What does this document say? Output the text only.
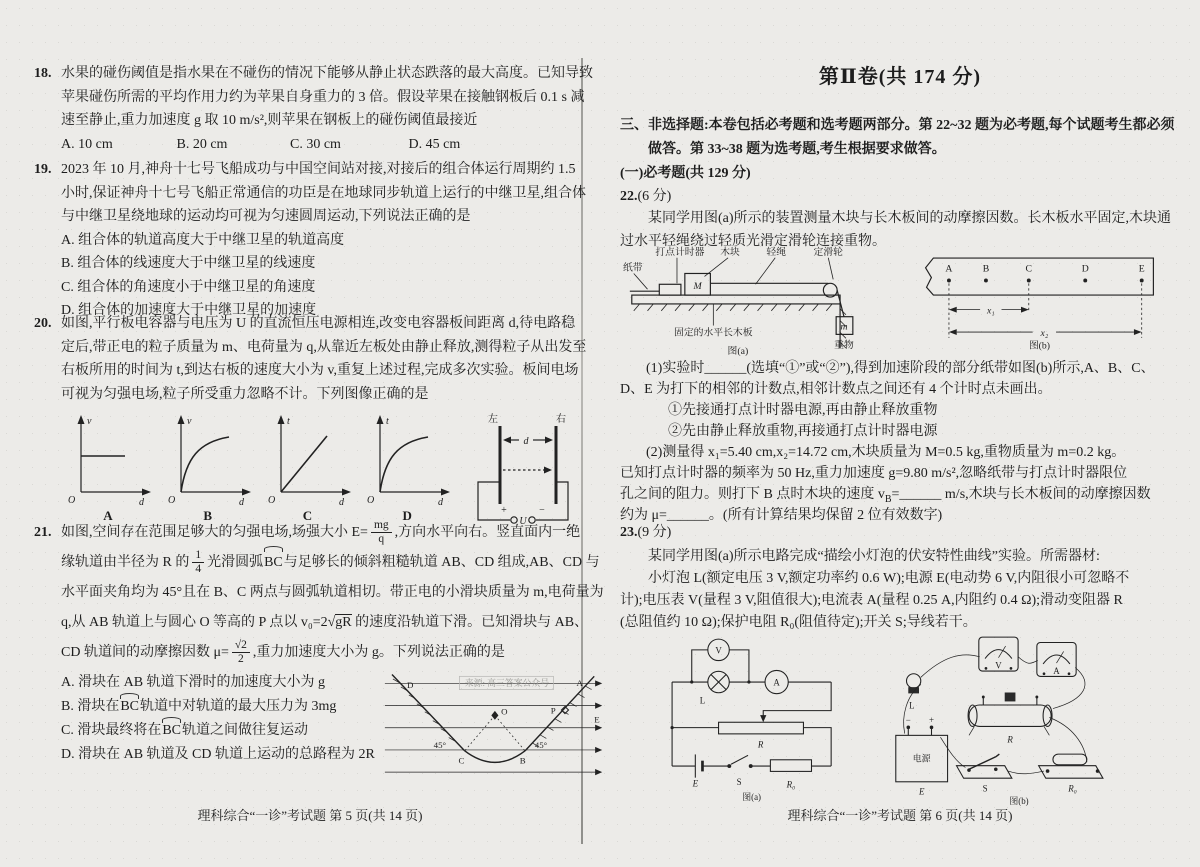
18. 水果的碰伤阈值是指水果在不碰伤的情况下能够从静止状态跌落的最大高度。已知导致
苹果碰伤所需的平均作用力约为苹果自身重力的 3 倍。假设苹果在接触钢板后 0.1 s 减
速至静止,重力加速度 g 取 10 m/s²,则苹果在钢板上的碰伤阈值最接近
A. 10 cm	B. 20 cm	C. 30 cm	D. 45 cm
19. 2023 年 10 月,神舟十七号飞船成功与中国空间站对接,对接后的组合体运行周期约 1.5
小时,保证神舟十七号飞船正常通信的功臣是在地球同步轨道上运行的中继卫星,组合体
与中继卫星绕地球的运动均可视为匀速圆周运动,下列说法正确的是
A. 组合体的轨道高度大于中继卫星的轨道高度
B. 组合体的线速度大于中继卫星的线速度
C. 组合体的角速度小于中继卫星的角速度
D. 组合体的加速度大于中继卫星的加速度
20. 如图,平行板电容器与电压为 U 的直流恒压电源相连,改变电容器板间距离 d,待电路稳
定后,带正电的粒子质量为 m、电荷量为 q,从靠近左板处由静止释放,测得粒子从出发至
右板所用的时间为 t,到达右板的速度大小为 v,重复上述过程,完成多次实验。板间电场
可视为匀强电场,粒子所受重力忽略不计。下列图像正确的是
v
O	d
A
v
O	d
B
t
O	d
C
t
O	d
D
左	右
d
+	−
U
21. 如图,空间存在范围足够大的匀强电场,场强大小 $E= \frac{mg}{q}$ ,方向水平向右。竖直面内一绝
缘轨道由半径为 R 的 $\frac{1}{4}$ 光滑圆弧BC与足够长的倾斜粗糙轨道 AB、CD 组成,AB、CD 与
水平面夹角均为 45°且在 B、C 两点与圆弧轨道相切。带正电的小滑块质量为 m,电荷量为
q,从 AB 轨道上与圆心 O 等高的 P 点以 v₀=2√gR 的速度沿轨道下滑。已知滑块与 AB、
CD 轨道间的动摩擦因数 $\mu= \frac{√2}{2}$ ,重力加速度大小为 g。下列说法正确的是
A. 滑块在 AB 轨道下滑时的加速度大小为 g
B. 滑块在BC轨道中对轨道的最大压力为 3mg
C. 滑块最终将在BC轨道之间做往复运动
D. 滑块在 AB 轨道及 CD 轨道上运动的总路程为 2R
来源: 高三答案公众号
D	A
O	P
E
C	B
45°	45°
理科综合“一诊”考试题 第 5 页(共 14 页)
第Ⅱ卷(共 174 分)
三、非选择题:本卷包括必考题和选考题两部分。第 22~32 题为必考题,每个试题考生都必须
做答。第 33~38 题为选考题,考生根据要求做答。
(一)必考题(共 129 分)
22.(6 分)
某同学用图(a)所示的装置测量木块与长木板间的动摩擦因数。长木板水平固定,木块通
过水平轻绳绕过轻质光滑定滑轮连接重物。
打点计时器 木块	轻绳	定滑轮
纸带
M
m
重物
固定的水平长木板
图(a)
A	B	C	D	E
x₁
x₂
图(b)
(1)实验时______(选填“①”或“②”),得到加速阶段的部分纸带如图(b)所示,A、B、C、
D、E 为打下的相邻的计数点,相邻计数点之间还有 4 个计时点未画出。
①先接通打点计时器电源,再由静止释放重物
②先由静止释放重物,再接通打点计时器电源
(2)测量得 x₁=5.40 cm,x₂=14.72 cm,木块质量为 M=0.5 kg,重物质量为 m=0.2 kg。
已知打点计时器的频率为 50 Hz,重力加速度 g=9.80 m/s²,忽略纸带与打点计时器限位
孔之间的阻力。则打下 B 点时木块的速度 $v_B=\_\_\_\_\_\_$ m/s,木块与长木板间的动摩擦因数
约为 μ=______。(所有计算结果均保留 2 位有效数字)
23.(9 分)
某同学用图(a)所示电路完成“描绘小灯泡的伏安特性曲线”实验。所需器材:
小灯泡 L(额定电压 3 V,额定功率约 0.6 W);电源 E(电动势 6 V,内阻很小可忽略不
计);电压表 V(量程 3 V,阻值很大);电流表 A(量程 0.25 A,内阻约 0.4 Ω);滑动变阻器 R
(总阻值约 10 Ω);保护电阻 R₀(阻值待定);开关 S;导线若干。
V
A
L
R
E	S	R₀
图(a)
V
A
L
R
− +
电源
E	S	R₀
图(b)
理科综合“一诊”考试题 第 6 页(共 14 页)
